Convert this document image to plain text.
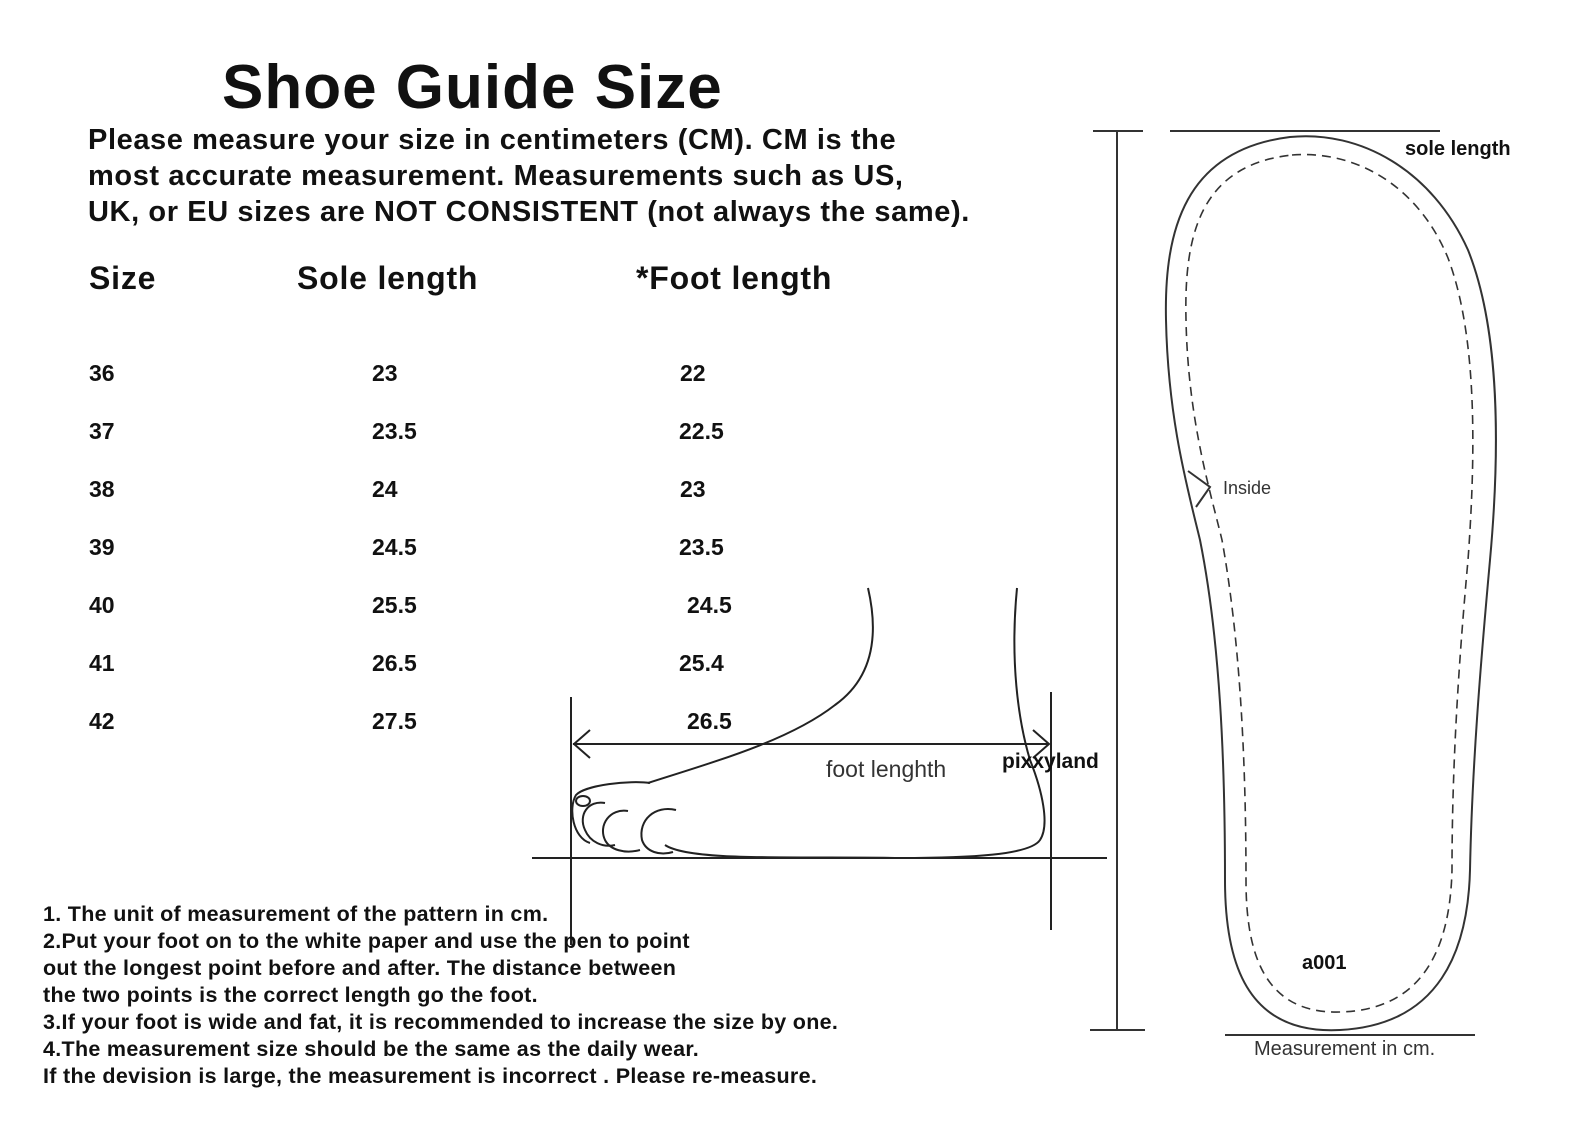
Shoe Guide Size
Please measure your size in centimeters (CM). CM is the
most accurate measurement. Measurements such as US,
UK, or EU sizes are NOT CONSISTENT (not always the same).
Size	Sole length	*Foot length
36	23	22
37	23.5	22.5
38	24	23
39	24.5	23.5
40	25.5	24.5
41	26.5	25.4
42	27.5	26.5
foot lenghth	pixxyland
sole length
Inside
a001
Measurement in cm.
1. The unit of measurement of the pattern in cm.
2.Put your foot on to the white paper and use the pen to point
out the longest point before and after. The distance between
the two points is the correct length go the foot.
3.If your foot is wide and fat, it is recommended to increase the size by one.
4.The measurement size should be the same as the daily wear.
If the devision is large, the measurement is incorrect . Please re-measure.
